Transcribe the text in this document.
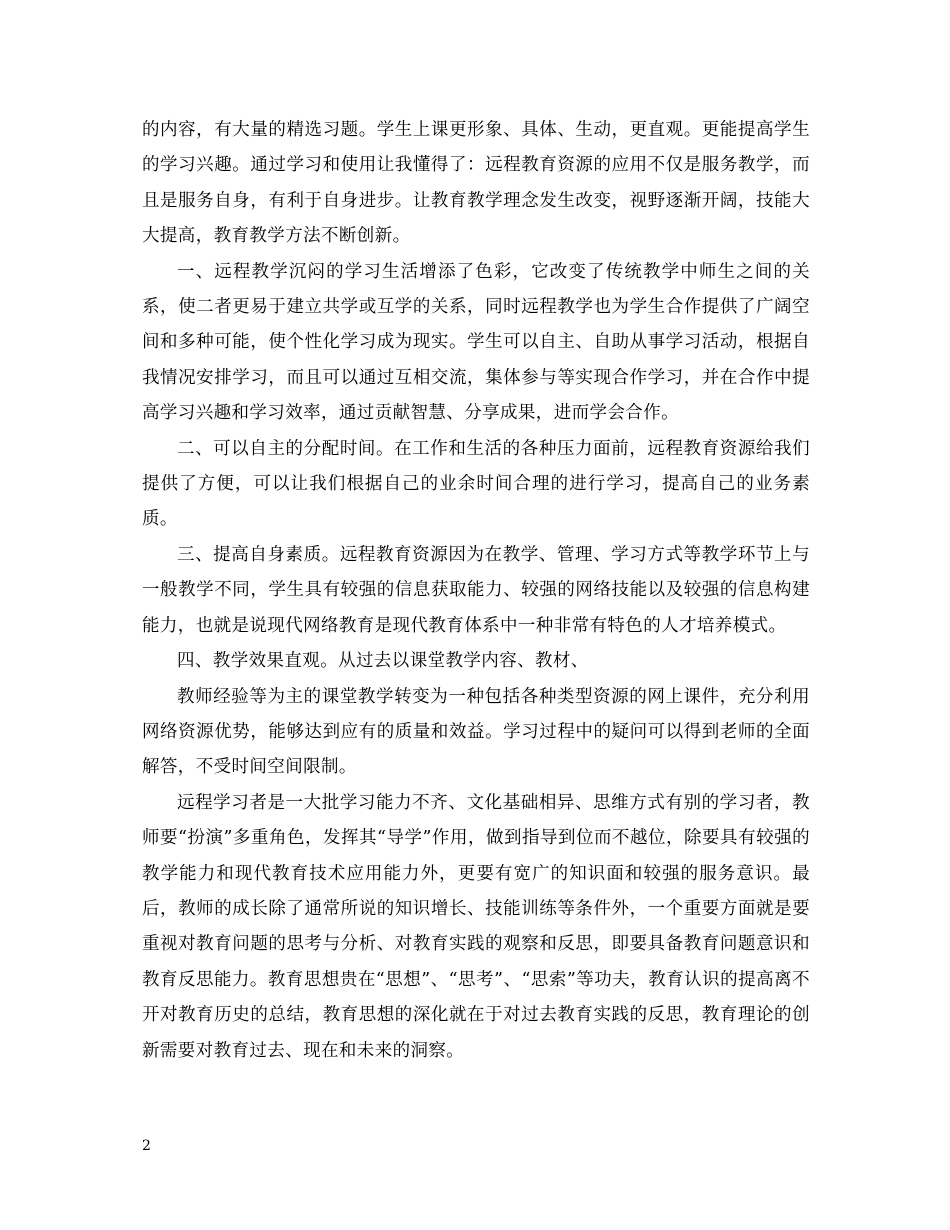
的内容，有大量的精选习题。学生上课更形象、具体、生动，更直观。更能提高学生的学习兴趣。通过学习和使用让我懂得了：远程教育资源的应用不仅是服务教学，而且是服务自身，有利于自身进步。让教育教学理念发生改变，视野逐渐开阔，技能大大提高，教育教学方法不断创新。

一、远程教学沉闷的学习生活增添了色彩，它改变了传统教学中师生之间的关系，使二者更易于建立共学或互学的关系，同时远程教学也为学生合作提供了广阔空间和多种可能，使个性化学习成为现实。学生可以自主、自助从事学习活动，根据自我情况安排学习，而且可以通过互相交流，集体参与等实现合作学习，并在合作中提高学习兴趣和学习效率，通过贡献智慧、分享成果，进而学会合作。

二、可以自主的分配时间。在工作和生活的各种压力面前，远程教育资源给我们提供了方便，可以让我们根据自己的业余时间合理的进行学习，提高自己的业务素质。

三、提高自身素质。远程教育资源因为在教学、管理、学习方式等教学环节上与一般教学不同，学生具有较强的信息获取能力、较强的网络技能以及较强的信息构建能力，也就是说现代网络教育是现代教育体系中一种非常有特色的人才培养模式。

四、教学效果直观。从过去以课堂教学内容、教材、

教师经验等为主的课堂教学转变为一种包括各种类型资源的网上课件，充分利用网络资源优势，能够达到应有的质量和效益。学习过程中的疑问可以得到老师的全面解答，不受时间空间限制。

远程学习者是一大批学习能力不齐、文化基础相异、思维方式有别的学习者，教师要“扮演”多重角色，发挥其“导学”作用，做到指导到位而不越位，除要具有较强的教学能力和现代教育技术应用能力外，更要有宽广的知识面和较强的服务意识。最后，教师的成长除了通常所说的知识增长、技能训练等条件外，一个重要方面就是要重视对教育问题的思考与分析、对教育实践的观察和反思，即要具备教育问题意识和教育反思能力。教育思想贵在“思想”、“思考”、“思索”等功夫，教育认识的提高离不开对教育历史的总结，教育思想的深化就在于对过去教育实践的反思，教育理论的创新需要对教育过去、现在和未来的洞察。

2
